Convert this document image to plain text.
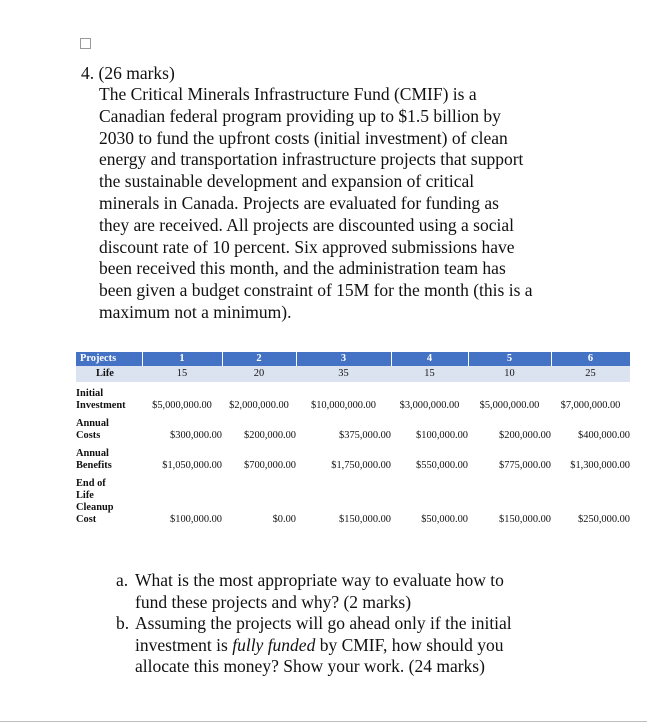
4. (26 marks)
The Critical Minerals Infrastructure Fund (CMIF) is a
Canadian federal program providing up to $1.5 billion by
2030 to fund the upfront costs (initial investment) of clean
energy and transportation infrastructure projects that support
the sustainable development and expansion of critical
minerals in Canada. Projects are evaluated for funding as
they are received. All projects are discounted using a social
discount rate of 10 percent. Six approved submissions have
been received this month, and the administration team has
been given a budget constraint of 15M for the month (this is a
maximum not a minimum).
Projects	1	2	3	4	5	6
Life	15	20	35	15	10	25

Initial
Investment	$5,000,000.00	$2,000,000.00	$10,000,000.00	$3,000,000.00	$5,000,000.00	$7,000,000.00

Annual
Costs	$300,000.00	$200,000.00	$375,000.00	$100,000.00	$200,000.00	$400,000.00

Annual
Benefits	$1,050,000.00	$700,000.00	$1,750,000.00	$550,000.00	$775,000.00	$1,300,000.00

End of
Life
Cleanup
Cost	$100,000.00	$0.00	$150,000.00	$50,000.00	$150,000.00	$250,000.00
a. What is the most appropriate way to evaluate how to
fund these projects and why? (2 marks)
b. Assuming the projects will go ahead only if the initial
investment is fully funded by CMIF, how should you
allocate this money? Show your work. (24 marks)
